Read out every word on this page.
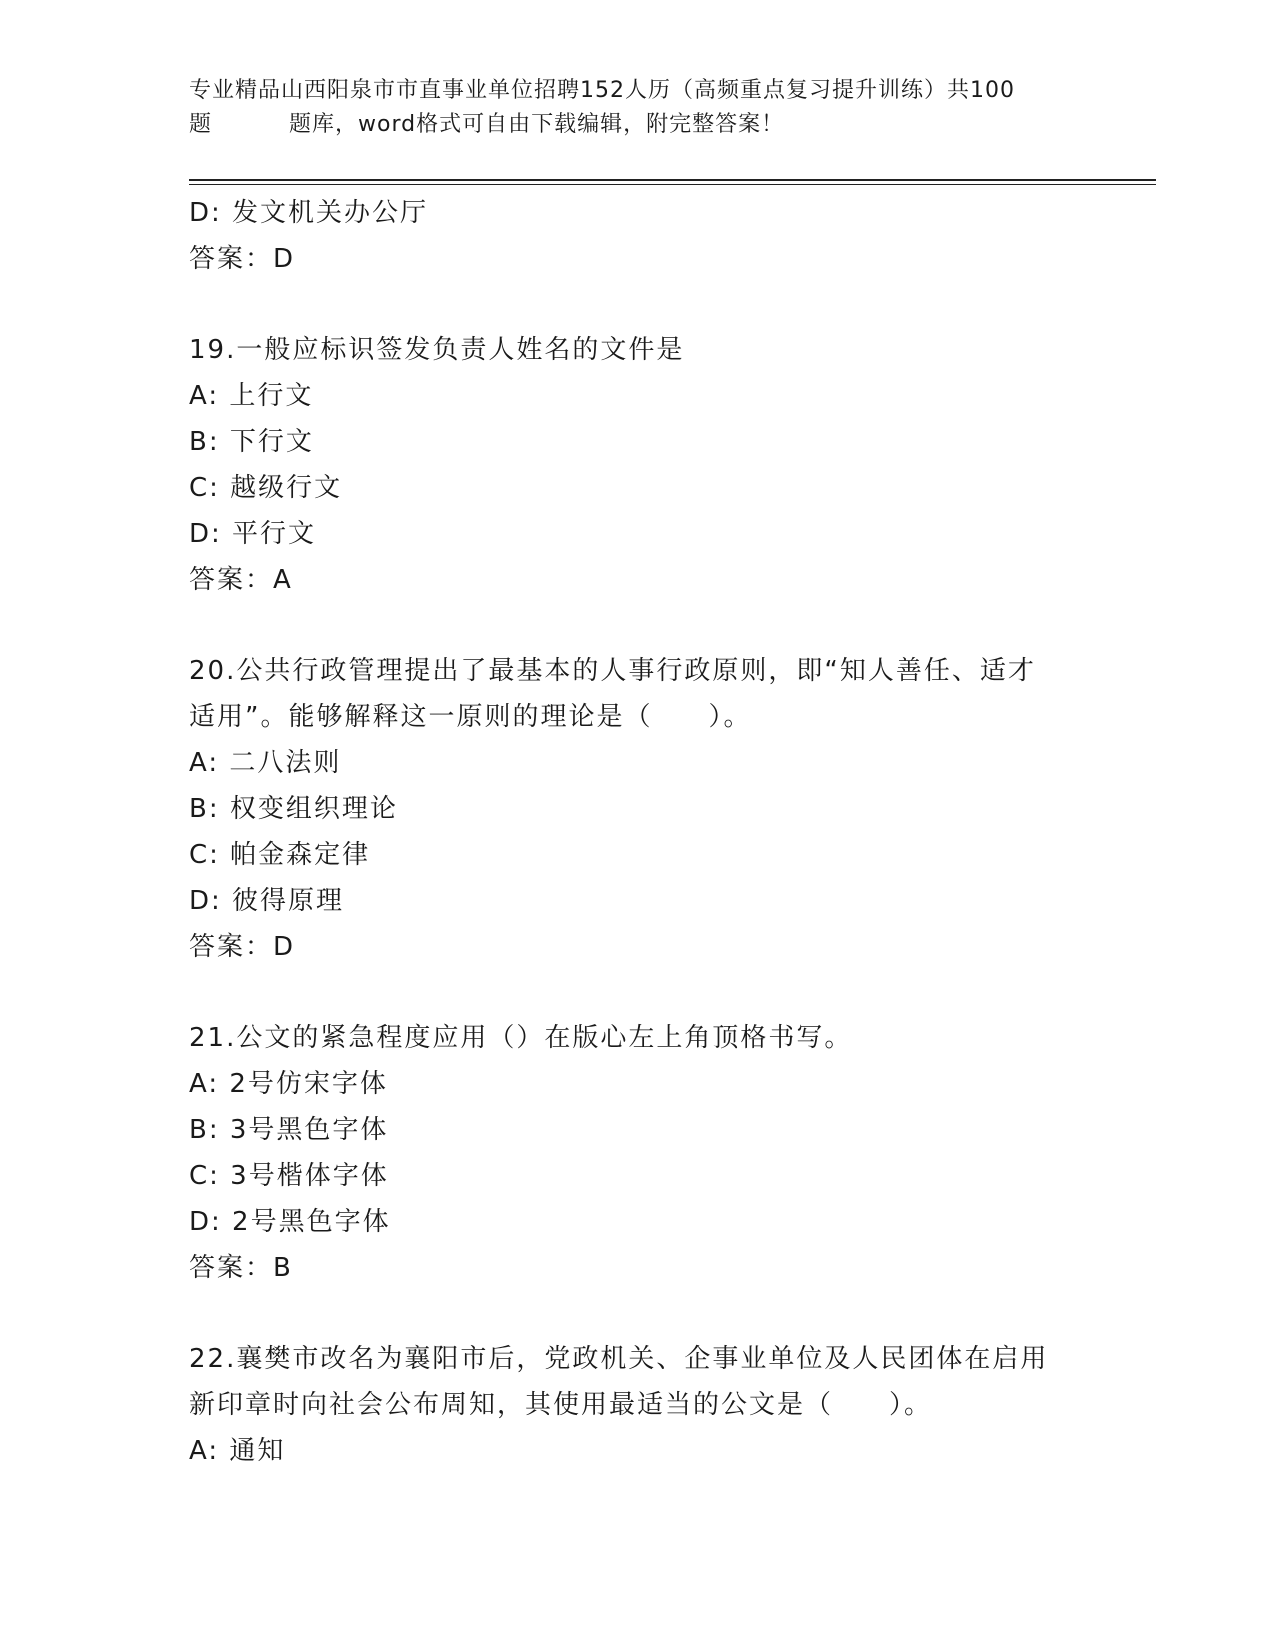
专业精品山西阳泉市市直事业单位招聘152人历（高频重点复习提升训练）共100
题	题库，word格式可自由下载编辑，附完整答案！
D: 发文机关办公厅
答案：D
19.一般应标识签发负责人姓名的文件是
A: 上行文
B: 下行文
C: 越级行文
D: 平行文
答案：A
20.公共行政管理提出了最基本的人事行政原则，即“知人善任、适才
适用”。能够解释这一原则的理论是（　　）。
A: 二八法则
B: 权变组织理论
C: 帕金森定律
D: 彼得原理
答案：D
21.公文的紧急程度应用（）在版心左上角顶格书写。
A: 2号仿宋字体
B: 3号黑色字体
C: 3号楷体字体
D: 2号黑色字体
答案：B
22.襄樊市改名为襄阳市后，党政机关、企事业单位及人民团体在启用
新印章时向社会公布周知，其使用最适当的公文是（　　）。
A: 通知
